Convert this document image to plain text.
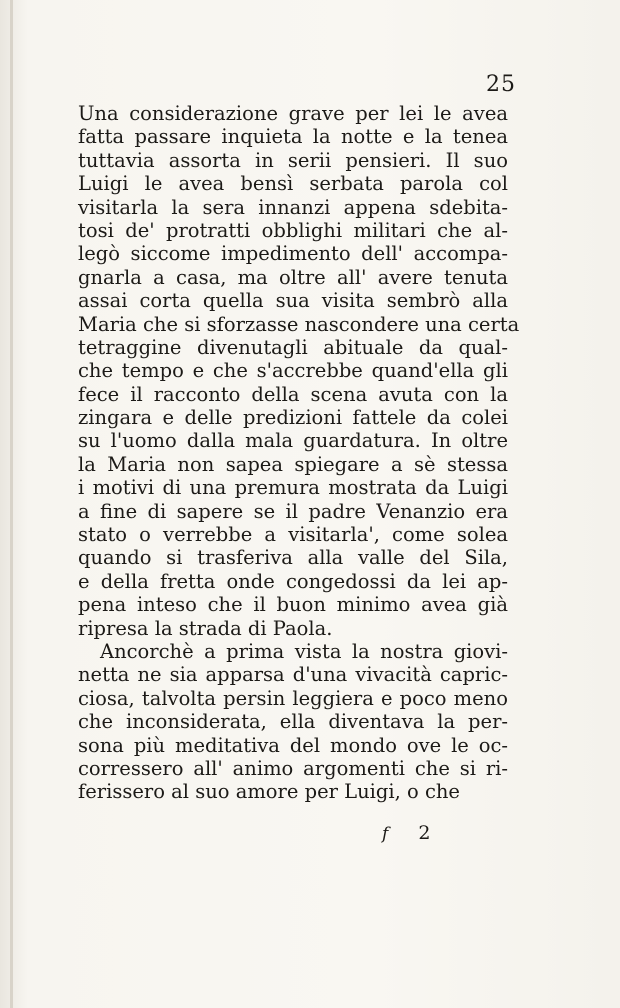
25
Una considerazione grave per lei le avea
fatta passare inquieta la notte e la tenea
tuttavia assorta in serii pensieri. Il suo
Luigi le avea bensì serbata parola col
visitarla la sera innanzi appena sdebita-
tosi de' protratti obblighi militari che al-
legò siccome impedimento dell' accompa-
gnarla a casa, ma oltre all' avere tenuta
assai corta quella sua visita sembrò alla
Maria che si sforzasse nascondere una certa
tetraggine divenutagli abituale da qual-
che tempo e che s'accrebbe quand'ella gli
fece il racconto della scena avuta con la
zingara e delle predizioni fattele da colei
su l'uomo dalla mala guardatura. In oltre
la Maria non sapea spiegare a sè stessa
i motivi di una premura mostrata da Luigi
a fine di sapere se il padre Venanzio era
stato o verrebbe a visitarla', come solea
quando si trasferiva alla valle del Sila,
e della fretta onde congedossi da lei ap-
pena inteso che il buon minimo avea già
ripresa la strada di Paola.
Ancorchè a prima vista la nostra giovi-
netta ne sia apparsa d'una vivacità capric-
ciosa, talvolta persin leggiera e poco meno
che inconsiderata, ella diventava la per-
sona più meditativa del mondo ove le oc-
corressero all' animo argomenti che si ri-
ferissero al suo amore per Luigi, o che
f 2
